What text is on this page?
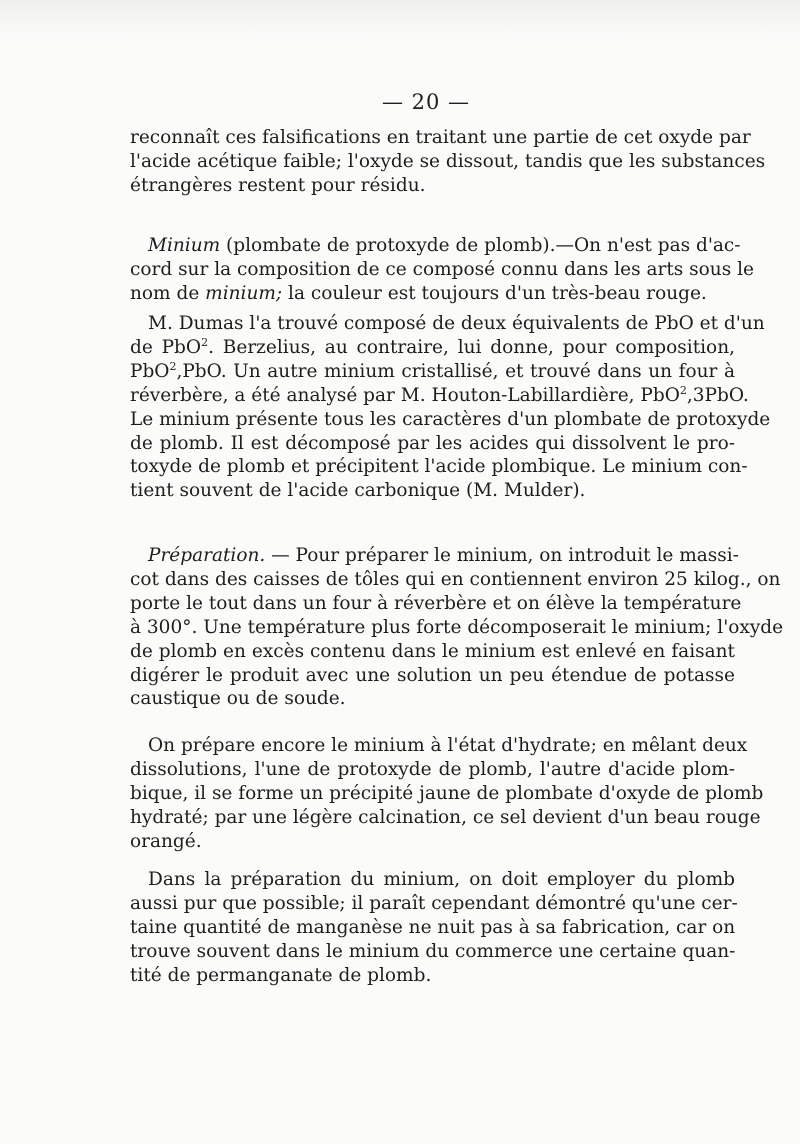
— 20 —
reconnaît ces falsifications en traitant une partie de cet oxyde par
l'acide acétique faible; l'oxyde se dissout, tandis que les substances
étrangères restent pour résidu.
Minium (plombate de protoxyde de plomb).—On n'est pas d'ac-
cord sur la composition de ce composé connu dans les arts sous le
nom de minium; la couleur est toujours d'un très-beau rouge.
M. Dumas l'a trouvé composé de deux équivalents de PbO et d'un
de PbO$^2$. Berzelius, au contraire, lui donne, pour composition,
PbO$^2$,PbO. Un autre minium cristallisé, et trouvé dans un four à
réverbère, a été analysé par M. Houton-Labillardière, PbO$^2$,3PbO.
Le minium présente tous les caractères d'un plombate de protoxyde
de plomb. Il est décomposé par les acides qui dissolvent le pro-
toxyde de plomb et précipitent l'acide plombique. Le minium con-
tient souvent de l'acide carbonique (M. Mulder).
Préparation. — Pour préparer le minium, on introduit le massi-
cot dans des caisses de tôles qui en contiennent environ 25 kilog., on
porte le tout dans un four à réverbère et on élève la température
à 300°. Une température plus forte décomposerait le minium; l'oxyde
de plomb en excès contenu dans le minium est enlevé en faisant
digérer le produit avec une solution un peu étendue de potasse
caustique ou de soude.
On prépare encore le minium à l'état d'hydrate; en mêlant deux
dissolutions, l'une de protoxyde de plomb, l'autre d'acide plom-
bique, il se forme un précipité jaune de plombate d'oxyde de plomb
hydraté; par une légère calcination, ce sel devient d'un beau rouge
orangé.
Dans la préparation du minium, on doit employer du plomb
aussi pur que possible; il paraît cependant démontré qu'une cer-
taine quantité de manganèse ne nuit pas à sa fabrication, car on
trouve souvent dans le minium du commerce une certaine quan-
tité de permanganate de plomb.
